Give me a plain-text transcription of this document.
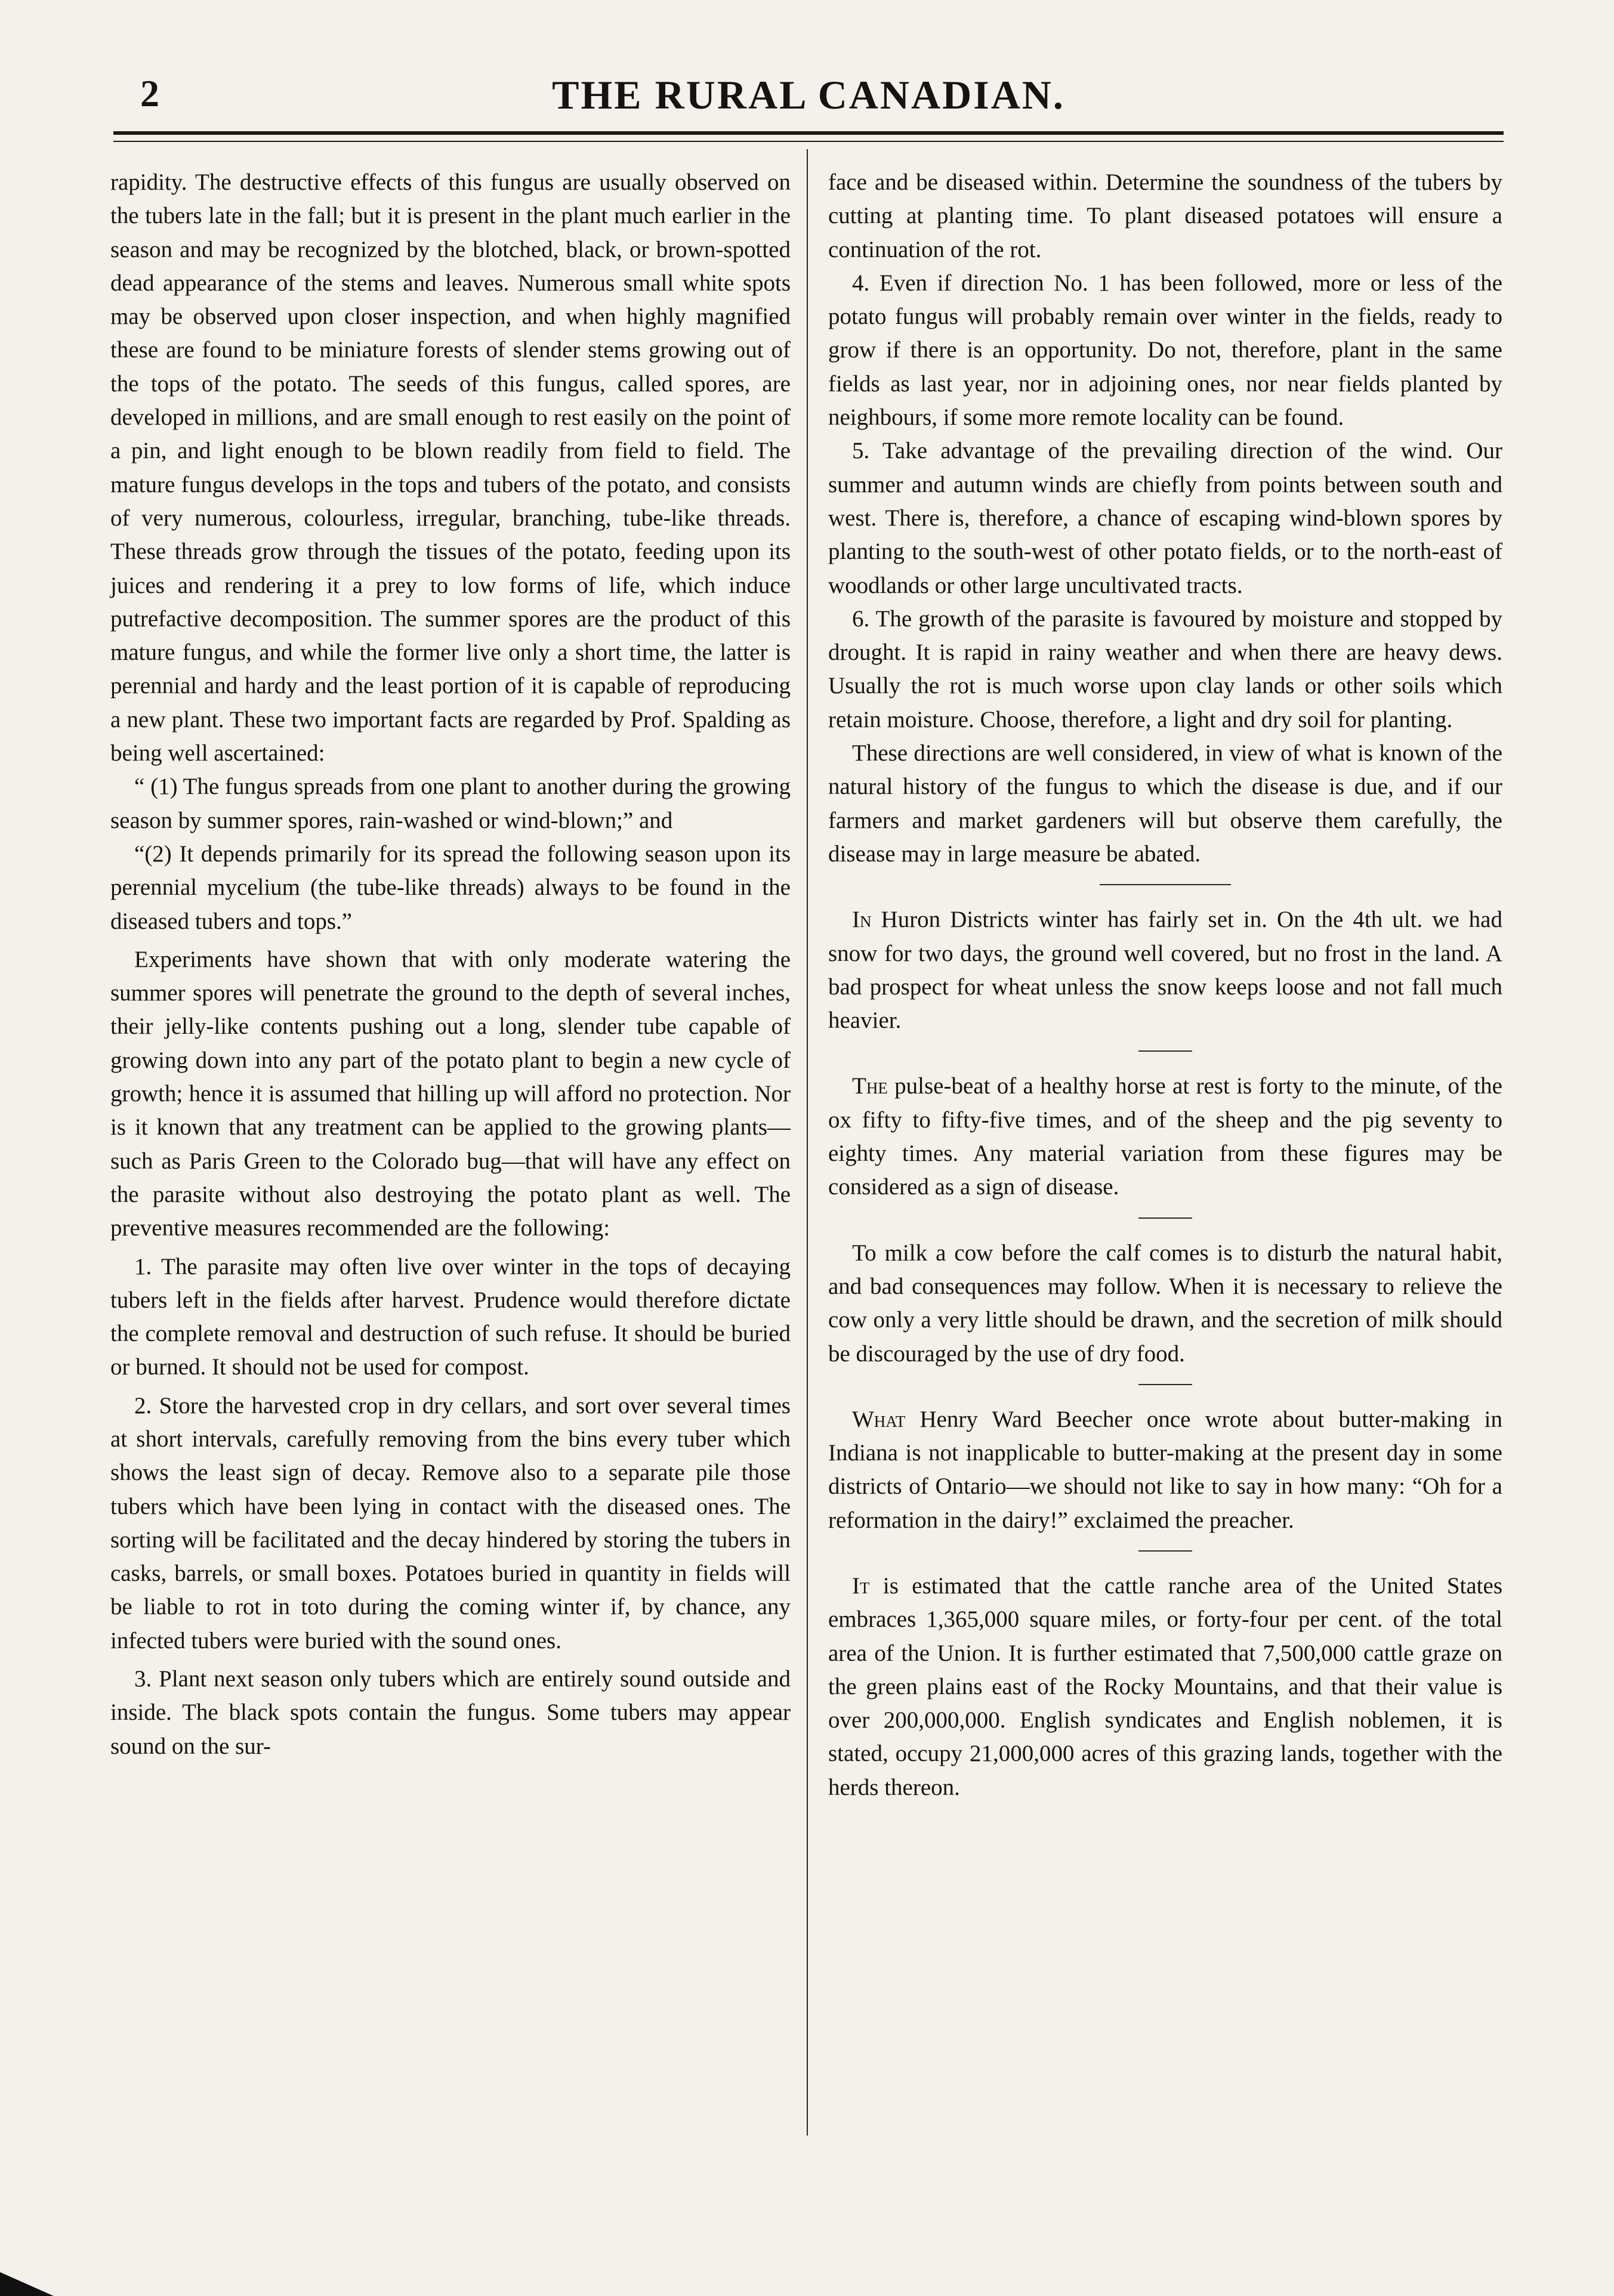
2	THE RURAL CANADIAN.

rapidity. The destructive effects of this fungus are usually observed on the tubers late in the fall; but it is present in the plant much earlier in the season and may be recognized by the blotched, black, or brown-spotted dead appearance of the stems and leaves. Numerous small white spots may be observed upon closer inspection, and when highly magnified these are found to be miniature forests of slender stems growing out of the tops of the potato. The seeds of this fungus, called spores, are developed in millions, and are small enough to rest easily on the point of a pin, and light enough to be blown readily from field to field. The mature fungus develops in the tops and tubers of the potato, and consists of very numerous, colourless, irregular, branching, tube-like threads. These threads grow through the tissues of the potato, feeding upon its juices and rendering it a prey to low forms of life, which induce putrefactive decomposition. The summer spores are the product of this mature fungus, and while the former live only a short time, the latter is perennial and hardy and the least portion of it is capable of reproducing a new plant. These two important facts are regarded by Prof. Spalding as being well ascertained:

“ (1) The fungus spreads from one plant to another during the growing season by summer spores, rain-washed or wind-blown;” and

“(2) It depends primarily for its spread the following season upon its perennial mycelium (the tube-like threads) always to be found in the diseased tubers and tops.”

Experiments have shown that with only moderate watering the summer spores will penetrate the ground to the depth of several inches, their jelly-like contents pushing out a long, slender tube capable of growing down into any part of the potato plant to begin a new cycle of growth; hence it is assumed that hilling up will afford no protection. Nor is it known that any treatment can be applied to the growing plants—such as Paris Green to the Colorado bug—that will have any effect on the parasite without also destroying the potato plant as well. The preventive measures recommended are the following:

1. The parasite may often live over winter in the tops of decaying tubers left in the fields after harvest. Prudence would therefore dictate the complete removal and destruction of such refuse. It should be buried or burned. It should not be used for compost.

2. Store the harvested crop in dry cellars, and sort over several times at short intervals, carefully removing from the bins every tuber which shows the least sign of decay. Remove also to a separate pile those tubers which have been lying in contact with the diseased ones. The sorting will be facilitated and the decay hindered by storing the tubers in casks, barrels, or small boxes. Potatoes buried in quantity in fields will be liable to rot in toto during the coming winter if, by chance, any infected tubers were buried with the sound ones.

3. Plant next season only tubers which are entirely sound outside and inside. The black spots contain the fungus. Some tubers may appear sound on the sur-

face and be diseased within. Determine the soundness of the tubers by cutting at planting time. To plant diseased potatoes will ensure a continuation of the rot.

4. Even if direction No. 1 has been followed, more or less of the potato fungus will probably remain over winter in the fields, ready to grow if there is an opportunity. Do not, therefore, plant in the same fields as last year, nor in adjoining ones, nor near fields planted by neighbours, if some more remote locality can be found.

5. Take advantage of the prevailing direction of the wind. Our summer and autumn winds are chiefly from points between south and west. There is, therefore, a chance of escaping wind-blown spores by planting to the south-west of other potato fields, or to the north-east of woodlands or other large uncultivated tracts.

6. The growth of the parasite is favoured by moisture and stopped by drought. It is rapid in rainy weather and when there are heavy dews. Usually the rot is much worse upon clay lands or other soils which retain moisture. Choose, therefore, a light and dry soil for planting.

These directions are well considered, in view of what is known of the natural history of the fungus to which the disease is due, and if our farmers and market gardeners will but observe them carefully, the disease may in large measure be abated.

In Huron Districts winter has fairly set in. On the 4th ult. we had snow for two days, the ground well covered, but no frost in the land. A bad prospect for wheat unless the snow keeps loose and not fall much heavier.

The pulse-beat of a healthy horse at rest is forty to the minute, of the ox fifty to fifty-five times, and of the sheep and the pig seventy to eighty times. Any material variation from these figures may be considered as a sign of disease.

To milk a cow before the calf comes is to disturb the natural habit, and bad consequences may follow. When it is necessary to relieve the cow only a very little should be drawn, and the secretion of milk should be discouraged by the use of dry food.

What Henry Ward Beecher once wrote about butter-making in Indiana is not inapplicable to butter-making at the present day in some districts of Ontario—we should not like to say in how many: “Oh for a reformation in the dairy!” exclaimed the preacher.

It is estimated that the cattle ranche area of the United States embraces 1,365,000 square miles, or forty-four per cent. of the total area of the Union. It is further estimated that 7,500,000 cattle graze on the green plains east of the Rocky Mountains, and that their value is over 200,000,000. English syndicates and English noblemen, it is stated, occupy 21,000,000 acres of this grazing lands, together with the herds thereon.
